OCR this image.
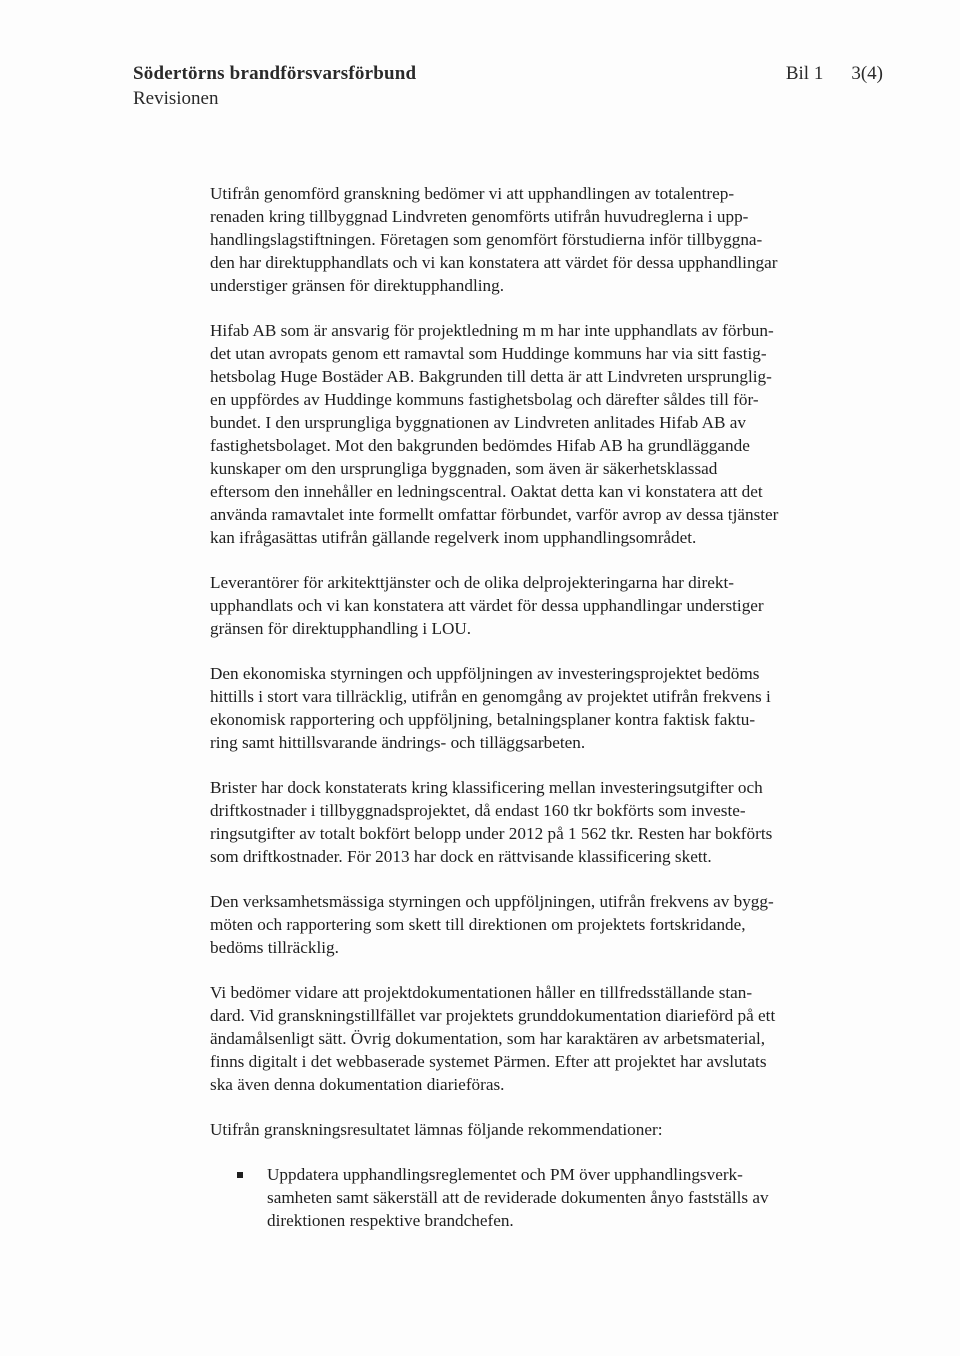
Södertörns brandförsvarsförbund
Revisionen
Bil 1 3(4)

Utifrån genomförd granskning bedömer vi att upphandlingen av totalentrep-
renaden kring tillbyggnad Lindvreten genomförts utifrån huvudreglerna i upp-
handlingslagstiftningen. Företagen som genomfört förstudierna inför tillbyggna-
den har direktupphandlats och vi kan konstatera att värdet för dessa upphandlingar
understiger gränsen för direktupphandling.

Hifab AB som är ansvarig för projektledning m m har inte upphandlats av förbun-
det utan avropats genom ett ramavtal som Huddinge kommuns har via sitt fastig-
hetsbolag Huge Bostäder AB. Bakgrunden till detta är att Lindvreten ursprunglig-
en uppfördes av Huddinge kommuns fastighetsbolag och därefter såldes till för-
bundet. I den ursprungliga byggnationen av Lindvreten anlitades Hifab AB av
fastighetsbolaget. Mot den bakgrunden bedömdes Hifab AB ha grundläggande
kunskaper om den ursprungliga byggnaden, som även är säkerhetsklassad
eftersom den innehåller en ledningscentral. Oaktat detta kan vi konstatera att det
använda ramavtalet inte formellt omfattar förbundet, varför avrop av dessa tjänster
kan ifrågasättas utifrån gällande regelverk inom upphandlingsområdet.

Leverantörer för arkitekttjänster och de olika delprojekteringarna har direkt-
upphandlats och vi kan konstatera att värdet för dessa upphandlingar understiger
gränsen för direktupphandling i LOU.

Den ekonomiska styrningen och uppföljningen av investeringsprojektet bedöms
hittills i stort vara tillräcklig, utifrån en genomgång av projektet utifrån frekvens i
ekonomisk rapportering och uppföljning, betalningsplaner kontra faktisk faktu-
ring samt hittillsvarande ändrings- och tilläggsarbeten.

Brister har dock konstaterats kring klassificering mellan investeringsutgifter och
driftkostnader i tillbyggnadsprojektet, då endast 160 tkr bokförts som investe-
ringsutgifter av totalt bokfört belopp under 2012 på 1 562 tkr. Resten har bokförts
som driftkostnader. För 2013 har dock en rättvisande klassificering skett.

Den verksamhetsmässiga styrningen och uppföljningen, utifrån frekvens av bygg-
möten och rapportering som skett till direktionen om projektets fortskridande,
bedöms tillräcklig.

Vi bedömer vidare att projektdokumentationen håller en tillfredsställande stan-
dard. Vid granskningstillfället var projektets grunddokumentation diarieförd på ett
ändamålsenligt sätt. Övrig dokumentation, som har karaktären av arbetsmaterial,
finns digitalt i det webbaserade systemet Pärmen. Efter att projektet har avslutats
ska även denna dokumentation diarieföras.

Utifrån granskningsresultatet lämnas följande rekommendationer:

Uppdatera upphandlingsreglementet och PM över upphandlingsverk-
samheten samt säkerställ att de reviderade dokumenten ånyo fastställs av
direktionen respektive brandchefen.
